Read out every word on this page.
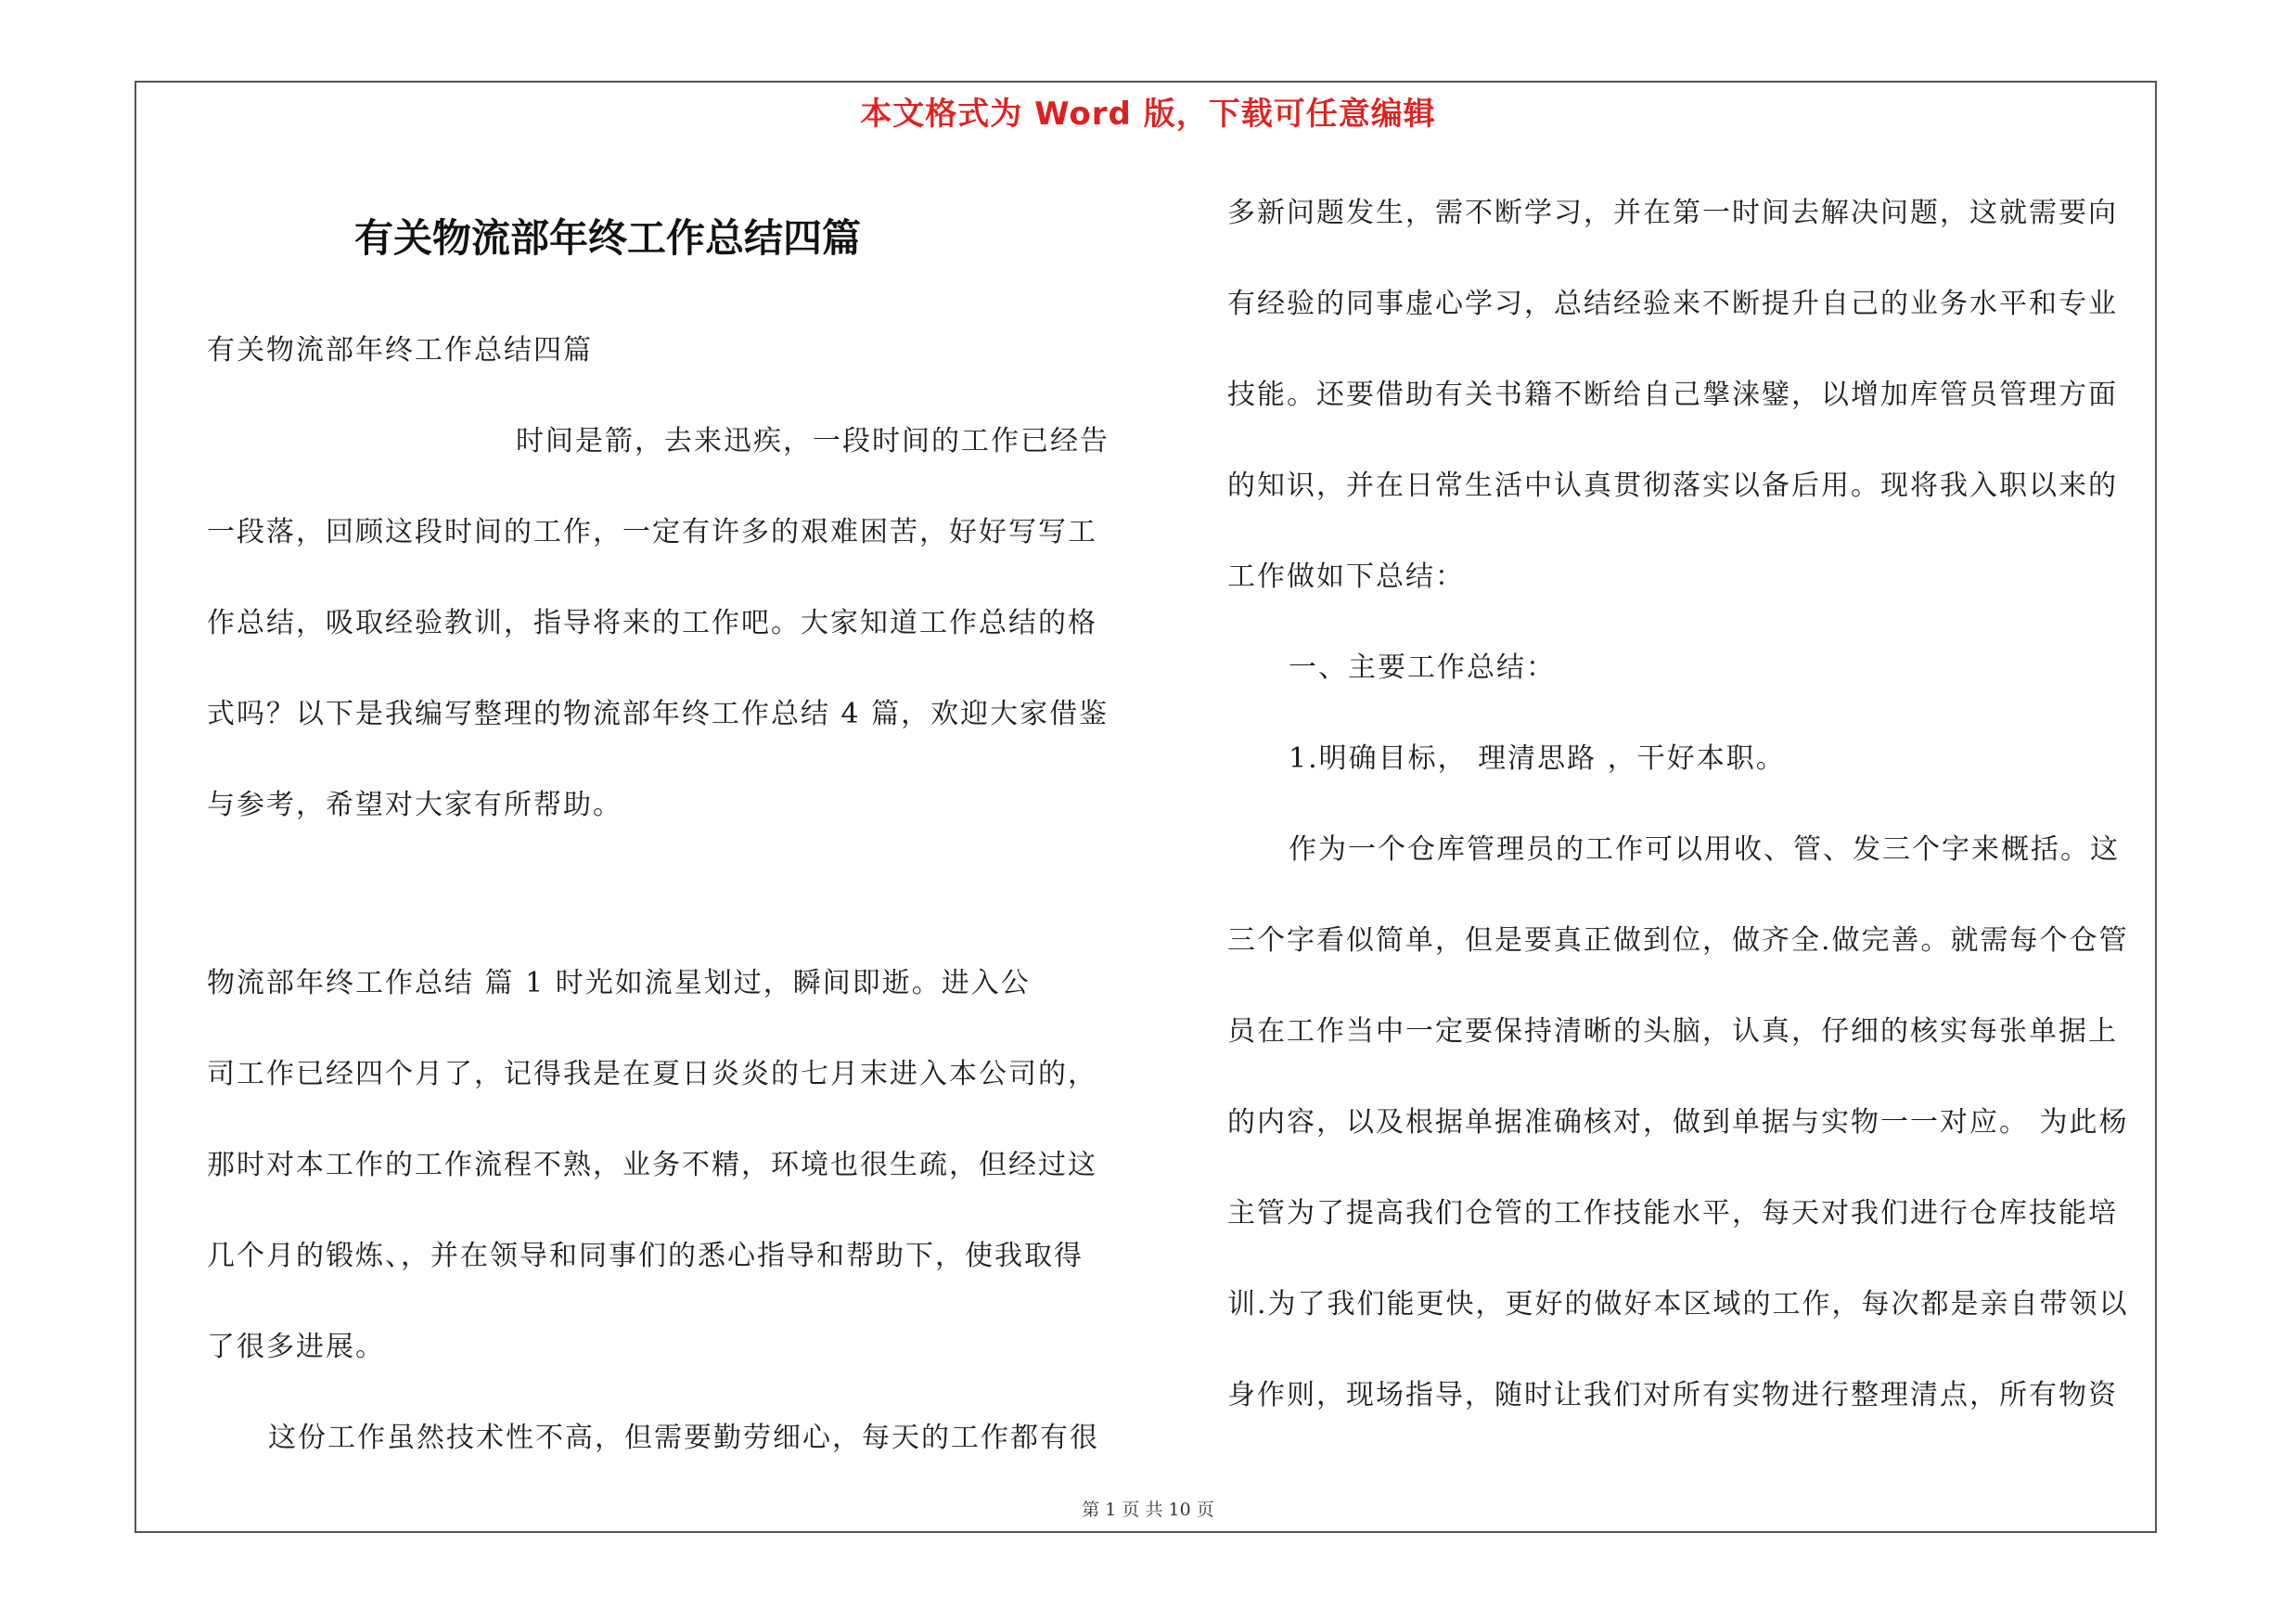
本文格式为 Word 版，下载可任意编辑
有关物流部年终工作总结四篇
有关物流部年终工作总结四篇
时间是箭，去来迅疾，一段时间的工作已经告
一段落，回顾这段时间的工作，一定有许多的艰难困苦，好好写写工
作总结，吸取经验教训，指导将来的工作吧。大家知道工作总结的格
式吗？以下是我编写整理的物流部年终工作总结 4 篇，欢迎大家借鉴
与参考，希望对大家有所帮助。
物流部年终工作总结 篇 1 时光如流星划过，瞬间即逝。进入公
司工作已经四个月了，记得我是在夏日炎炎的七月末进入本公司的，
那时对本工作的工作流程不熟，业务不精，环境也很生疏，但经过这
几个月的锻炼、，并在领导和同事们的悉心指导和帮助下，使我取得
了很多进展。
这份工作虽然技术性不高，但需要勤劳细心，每天的工作都有很
多新问题发生，需不断学习，并在第一时间去解决问题，这就需要向
有经验的同事虚心学习，总结经验来不断提升自己的业务水平和专业
技能。还要借助有关书籍不断给自己搫涞鐾，以增加库管员管理方面
的知识，并在日常生活中认真贯彻落实以备后用。现将我入职以来的
工作做如下总结：
一、主要工作总结：
1.明确目标， 理清思路 ，干好本职。
作为一个仓库管理员的工作可以用收、管、发三个字来概括。这
三个字看似简单，但是要真正做到位，做齐全.做完善。就需每个仓管
员在工作当中一定要保持清晰的头脑，认真，仔细的核实每张单据上
的内容，以及根据单据准确核对，做到单据与实物一一对应。 为此杨
主管为了提高我们仓管的工作技能水平，每天对我们进行仓库技能培
训.为了我们能更快，更好的做好本区域的工作，每次都是亲自带领以
身作则，现场指导，随时让我们对所有实物进行整理清点，所有物资
第 1 页 共 10 页
